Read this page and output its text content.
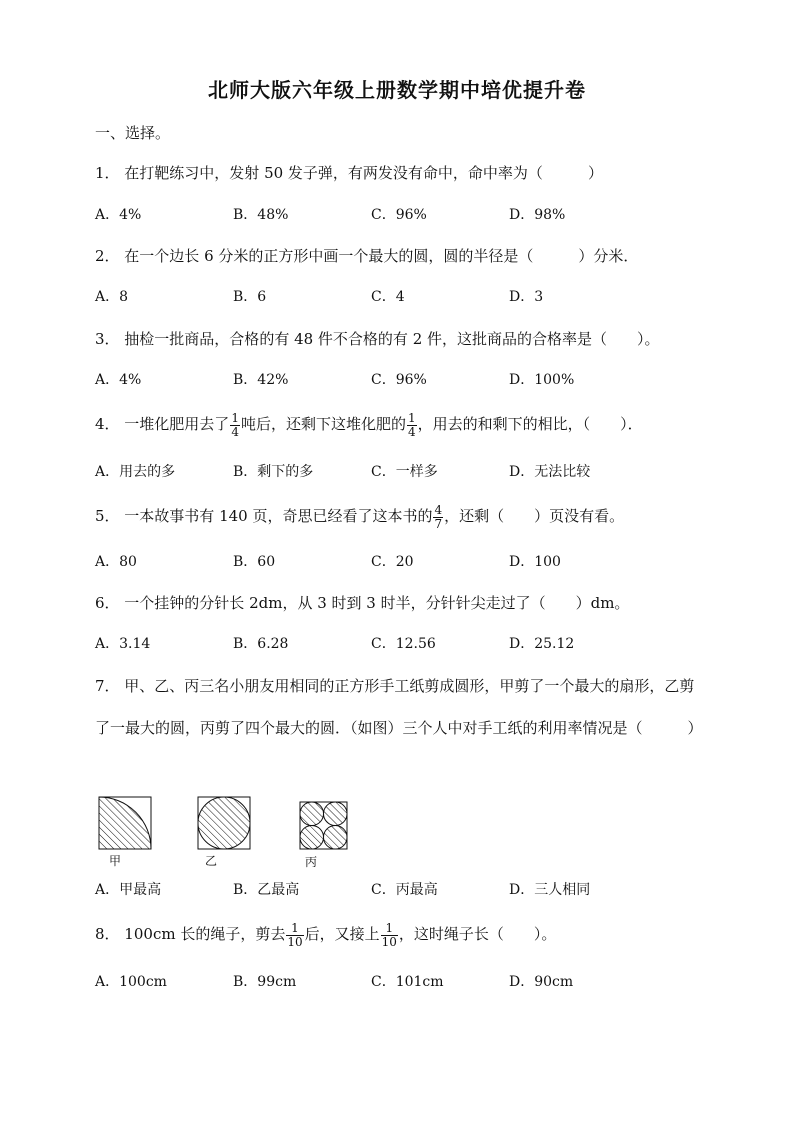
北师大版六年级上册数学期中培优提升卷
一、选择。
1． 在打靶练习中，发射 50 发子弹，有两发没有命中，命中率为（　　　）
A．4%	B．48%	C．96%	D．98%
2． 在一个边长 6 分米的正方形中画一个最大的圆，圆的半径是（　　　）分米．
A．8	B．6	C．4	D．3
3． 抽检一批商品，合格的有 48 件不合格的有 2 件，这批商品的合格率是（　　）。
A．4%	B．42%	C．96%	D．100%
4． 一堆化肥用去了 $\frac{1}{4}$ 吨后，还剩下这堆化肥的 $\frac{1}{4}$ ，用去的和剩下的相比，（　　）．
A．用去的多	B．剩下的多	C．一样多	D．无法比较
5． 一本故事书有 140 页，奇思已经看了这本书的 $\frac{4}{7}$ ，还剩（　　）页没有看。
A．80	B．60	C．20	D．100
6． 一个挂钟的分针长 2dm，从 3 时到 3 时半，分针针尖走过了（　　）dm。
A．3.14	B．6.28	C．12.56	D．25.12
7． 甲、乙、丙三名小朋友用相同的正方形手工纸剪成圆形，甲剪了一个最大的扇形，乙剪了一最大的圆，丙剪了四个最大的圆．（如图）三个人中对手工纸的利用率情况是（　　　）
甲	乙	丙
A．甲最高	B．乙最高	C．丙最高	D．三人相同
8． 100cm 长的绳子，剪去 $\frac{1}{10}$ 后，又接上 $\frac{1}{10}$ ，这时绳子长（　　）。
A．100cm	B．99cm	C．101cm	D．90cm
